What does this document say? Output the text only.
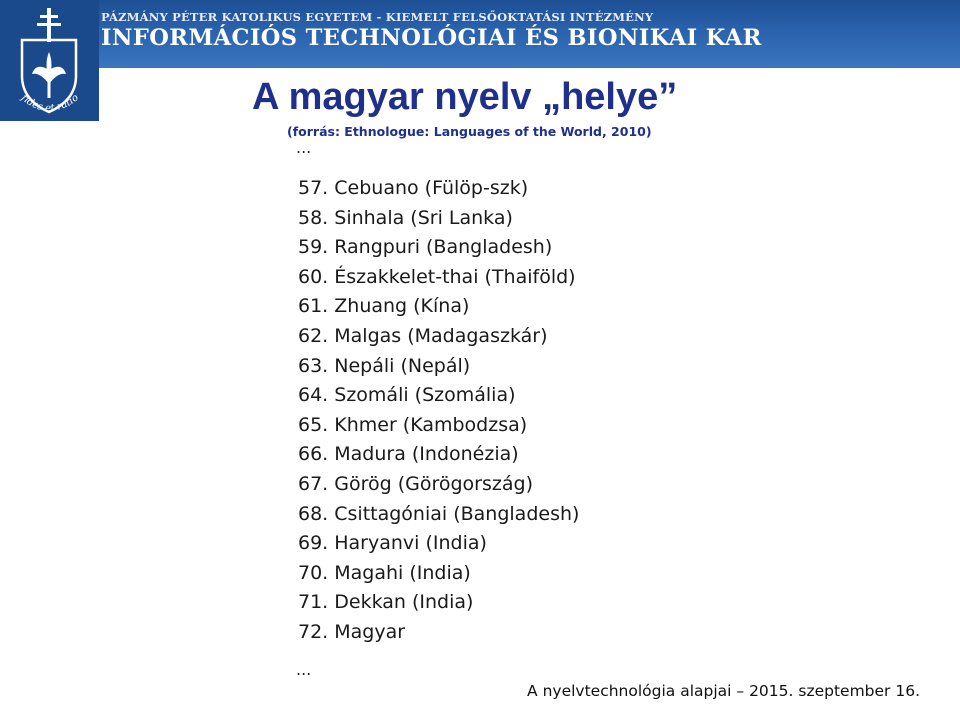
fides et ratio
PÁZMÁNY PÉTER KATOLIKUS EGYETEM - KIEMELT FELSŐOKTATÁSI INTÉZMÉNY
INFORMÁCIÓS TECHNOLÓGIAI ÉS BIONIKAI KAR
A magyar nyelv „helye”
(forrás: Ethnologue: Languages of the World, 2010)
...
57. Cebuano (Fülöp-szk)
58. Sinhala (Sri Lanka)
59. Rangpuri (Bangladesh)
60. Északkelet-thai (Thaiföld)
61. Zhuang (Kína)
62. Malgas (Madagaszkár)
63. Nepáli (Nepál)
64. Szomáli (Szomália)
65. Khmer (Kambodzsa)
66. Madura (Indonézia)
67. Görög (Görögország)
68. Csittagóniai (Bangladesh)
69. Haryanvi (India)
70. Magahi (India)
71. Dekkan (India)
72. Magyar
...
A nyelvtechnológia alapjai – 2015. szeptember 16.
